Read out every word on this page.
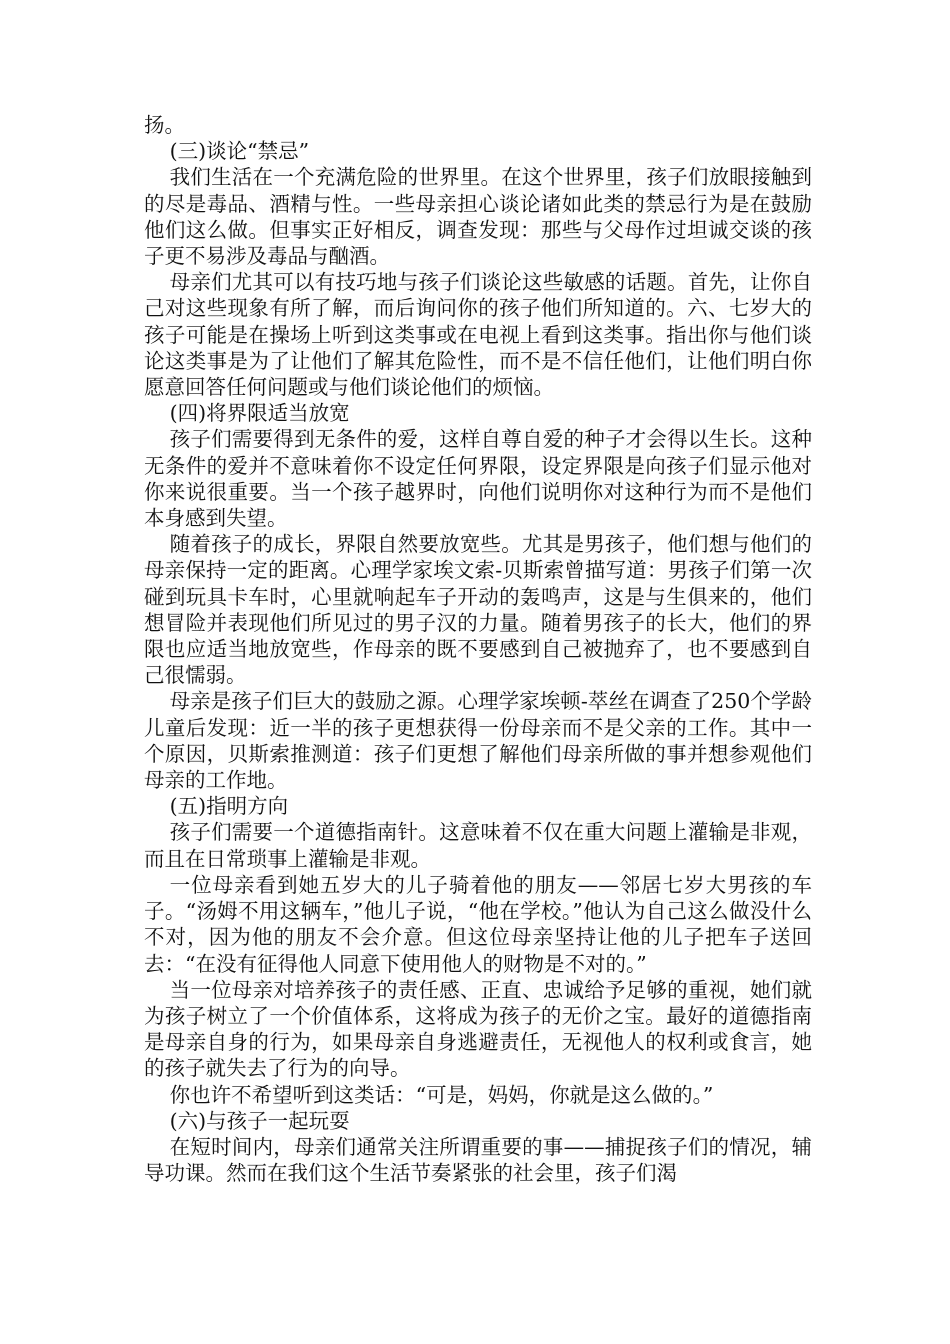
扬。

(三)谈论“禁忌”

我们生活在一个充满危险的世界里。在这个世界里，孩子们放眼接触到的尽是毒品、酒精与性。一些母亲担心谈论诸如此类的禁忌行为是在鼓励他们这么做。但事实正好相反，调查发现：那些与父母作过坦诚交谈的孩子更不易涉及毒品与酗酒。

母亲们尤其可以有技巧地与孩子们谈论这些敏感的话题。首先，让你自己对这些现象有所了解，而后询问你的孩子他们所知道的。六、七岁大的孩子可能是在操场上听到这类事或在电视上看到这类事。指出你与他们谈论这类事是为了让他们了解其危险性，而不是不信任他们，让他们明白你愿意回答任何问题或与他们谈论他们的烦恼。

(四)将界限适当放宽

孩子们需要得到无条件的爱，这样自尊自爱的种子才会得以生长。这种无条件的爱并不意味着你不设定任何界限，设定界限是向孩子们显示他对你来说很重要。当一个孩子越界时，向他们说明你对这种行为而不是他们本身感到失望。

随着孩子的成长，界限自然要放宽些。尤其是男孩子，他们想与他们的母亲保持一定的距离。心理学家埃文索-贝斯索曾描写道：男孩子们第一次碰到玩具卡车时，心里就响起车子开动的轰鸣声，这是与生俱来的，他们想冒险并表现他们所见过的男子汉的力量。随着男孩子的长大，他们的界限也应适当地放宽些，作母亲的既不要感到自己被抛弃了，也不要感到自己很懦弱。

母亲是孩子们巨大的鼓励之源。心理学家埃顿-萃丝在调查了250个学龄儿童后发现：近一半的孩子更想获得一份母亲而不是父亲的工作。其中一个原因，贝斯索推测道：孩子们更想了解他们母亲所做的事并想参观他们母亲的工作地。

(五)指明方向

孩子们需要一个道德指南针。这意味着不仅在重大问题上灌输是非观，而且在日常琐事上灌输是非观。

一位母亲看到她五岁大的儿子骑着他的朋友——邻居七岁大男孩的车子。“汤姆不用这辆车，”他儿子说，“他在学校。”他认为自己这么做没什么不对，因为他的朋友不会介意。但这位母亲坚持让他的儿子把车子送回去：“在没有征得他人同意下使用他人的财物是不对的。”

当一位母亲对培养孩子的责任感、正直、忠诚给予足够的重视，她们就为孩子树立了一个价值体系，这将成为孩子的无价之宝。最好的道德指南是母亲自身的行为，如果母亲自身逃避责任，无视他人的权利或食言，她的孩子就失去了行为的向导。

你也许不希望听到这类话：“可是，妈妈，你就是这么做的。”

(六)与孩子一起玩耍

在短时间内，母亲们通常关注所谓重要的事——捕捉孩子们的情况，辅导功课。然而在我们这个生活节奏紧张的社会里，孩子们渴
